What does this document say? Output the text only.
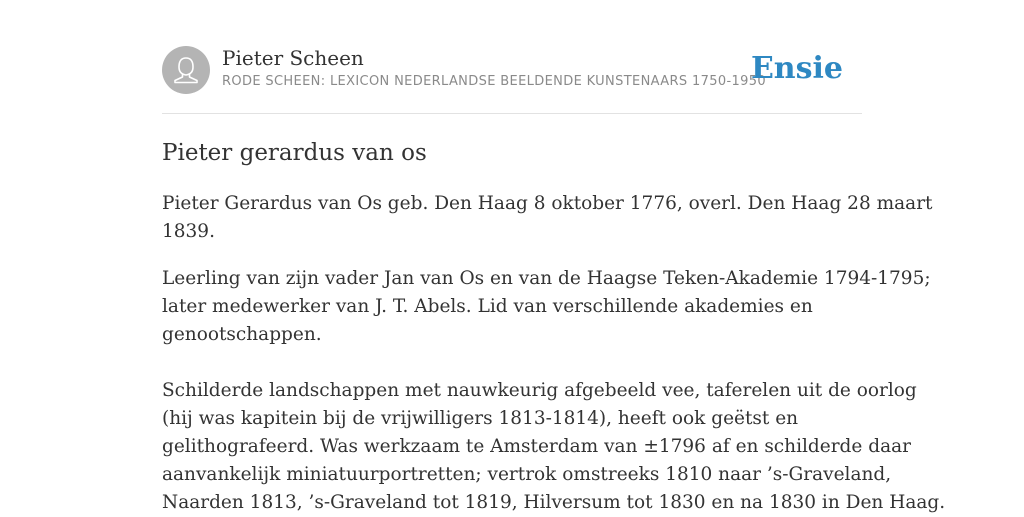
Pieter Scheen
RODE SCHEEN: LEXICON NEDERLANDSE BEELDENDE KUNSTENAARS 1750-1950
Ensie
Pieter gerardus van os

Pieter Gerardus van Os geb. Den Haag 8 oktober 1776, overl. Den Haag 28 maart
1839.

Leerling van zijn vader Jan van Os en van de Haagse Teken-Akademie 1794-1795;
later medewerker van J. T. Abels. Lid van verschillende akademies en
genootschappen.

Schilderde landschappen met nauwkeurig afgebeeld vee, taferelen uit de oorlog
(hij was kapitein bij de vrijwilligers 1813-1814), heeft ook geëtst en
gelithografeerd. Was werkzaam te Amsterdam van ±1796 af en schilderde daar
aanvankelijk miniatuurportretten; vertrok omstreeks 1810 naar ’s-Graveland,
Naarden 1813, ’s-Graveland tot 1819, Hilversum tot 1830 en na 1830 in Den Haag.
